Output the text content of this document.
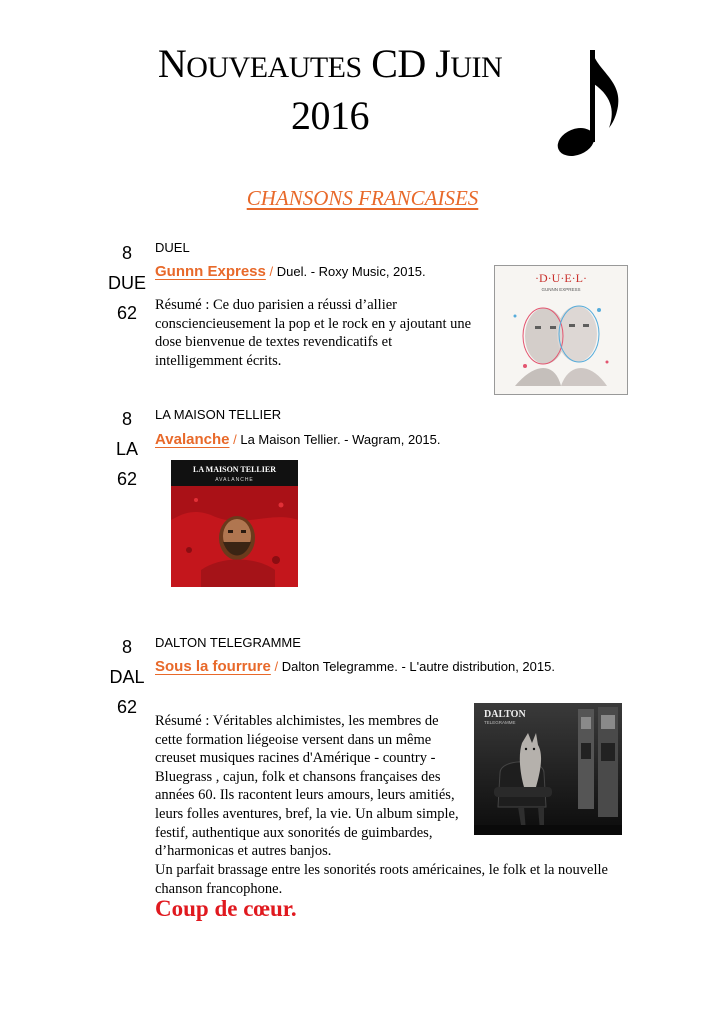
NOUVEAUTES CD JUIN
2016
CHANSONS FRANCAISES
8
DUE
62
DUEL
Gunnn Express / Duel. - Roxy Music, 2015.
Résumé : Ce duo parisien a réussi d’allier consciencieusement la pop et le rock en y ajoutant une dose bienvenue de textes revendicatifs et intelligemment écrits.
·D·U·E·L·
GUNNN EXPRESS
8
LA
62
LA MAISON TELLIER
Avalanche / La Maison Tellier. - Wagram, 2015.
LA MAISON TELLIER
AVALANCHE
8
DAL
62
DALTON TELEGRAMME
Sous la fourrure / Dalton Telegramme. - L'autre distribution, 2015.
Résumé : Véritables alchimistes, les membres de cette formation liégeoise versent dans un même creuset musiques racines d'Amérique - country - Bluegrass , cajun, folk et chansons françaises des années 60. Ils racontent leurs amours, leurs amitiés, leurs folles aventures, bref, la vie. Un album simple, festif, authentique aux sonorités de guimbardes, d’harmonicas et autres banjos.
Un parfait brassage entre les sonorités roots américaines, le folk et la nouvelle chanson francophone.
Coup de cœur.
DALTON
TELEGRAMME
